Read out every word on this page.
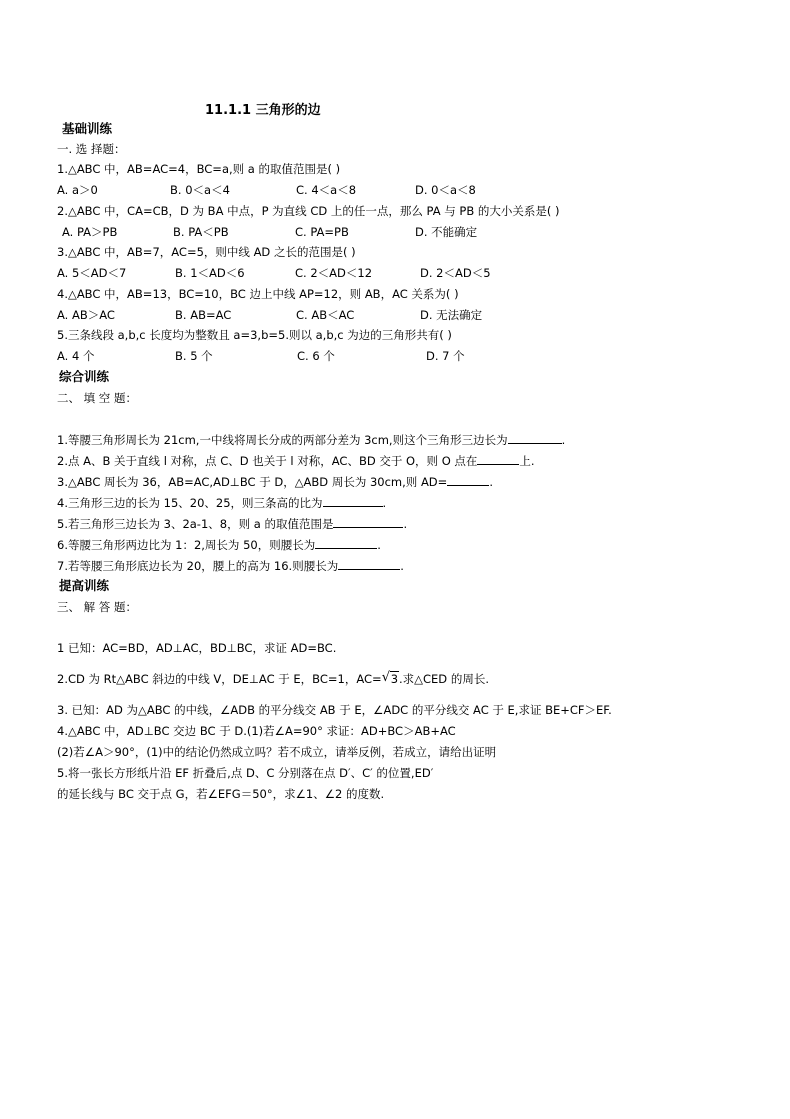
11.1.1 三角形的边
基础训练
一. 选 择题：
1.△ABC 中，AB=AC=4，BC=a,则 a 的取值范围是( )
A. a＞0	B. 0＜a＜4	C. 4＜a＜8	D. 0＜a＜8
2.△ABC 中，CA=CB，D 为 BA 中点，P 为直线 CD 上的任一点，那么 PA 与 PB 的大小关系是( )
A. PA＞PB	B. PA＜PB	C. PA=PB	D. 不能确定
3.△ABC 中，AB=7，AC=5，则中线 AD 之长的范围是( )
A. 5＜AD＜7	B. 1＜AD＜6	C. 2＜AD＜12	D. 2＜AD＜5
4.△ABC 中，AB=13，BC=10，BC 边上中线 AP=12，则 AB，AC 关系为( )
A. AB＞AC	B. AB=AC	C. AB＜AC	D. 无法确定
5.三条线段 a,b,c 长度均为整数且 a=3,b=5.则以 a,b,c 为边的三角形共有( )
A. 4 个	B. 5 个	C. 6 个	D. 7 个
综合训练
二、 填 空 题：
1.等腰三角形周长为 21cm,一中线将周长分成的两部分差为 3cm,则这个三角形三边长为	.
2.点 A、B 关于直线 l 对称，点 C、D 也关于 l 对称，AC、BD 交于 O，则 O 点在	上.
3.△ABC 周长为 36，AB=AC,AD⊥BC 于 D，△ABD 周长为 30cm,则 AD=	.
4.三角形三边的长为 15、20、25，则三条高的比为	.
5.若三角形三边长为 3、2a-1、8，则 a 的取值范围是	.
6.等腰三角形两边比为 1：2,周长为 50，则腰长为	.
7.若等腰三角形底边长为 20，腰上的高为 16.则腰长为	.
提高训练
三、 解 答 题：
1 已知：AC=BD，AD⊥AC，BD⊥BC，求证 AD=BC.
2.CD 为 Rt△ABC 斜边的中线 V，DE⊥AC 于 E，BC=1，AC= √ 3.求△CED 的周长.
3. 已知：AD 为△ABC 的中线，∠ADB 的平分线交 AB 于 E，∠ADC 的平分线交 AC 于 E,求证 BE+CF＞EF.
4.△ABC 中，AD⊥BC 交边 BC 于 D.(1)若∠A=90° 求证：AD+BC＞AB+AC
(2)若∠A＞90°，(1)中的结论仍然成立吗？若不成立，请举反例，若成立，请给出证明
5.将一张长方形纸片沿 EF 折叠后,点 D、C 分别落在点 D′、C′ 的位置,ED′
的延长线与 BC 交于点 G，若∠EFG＝50°，求∠1、∠2 的度数.
